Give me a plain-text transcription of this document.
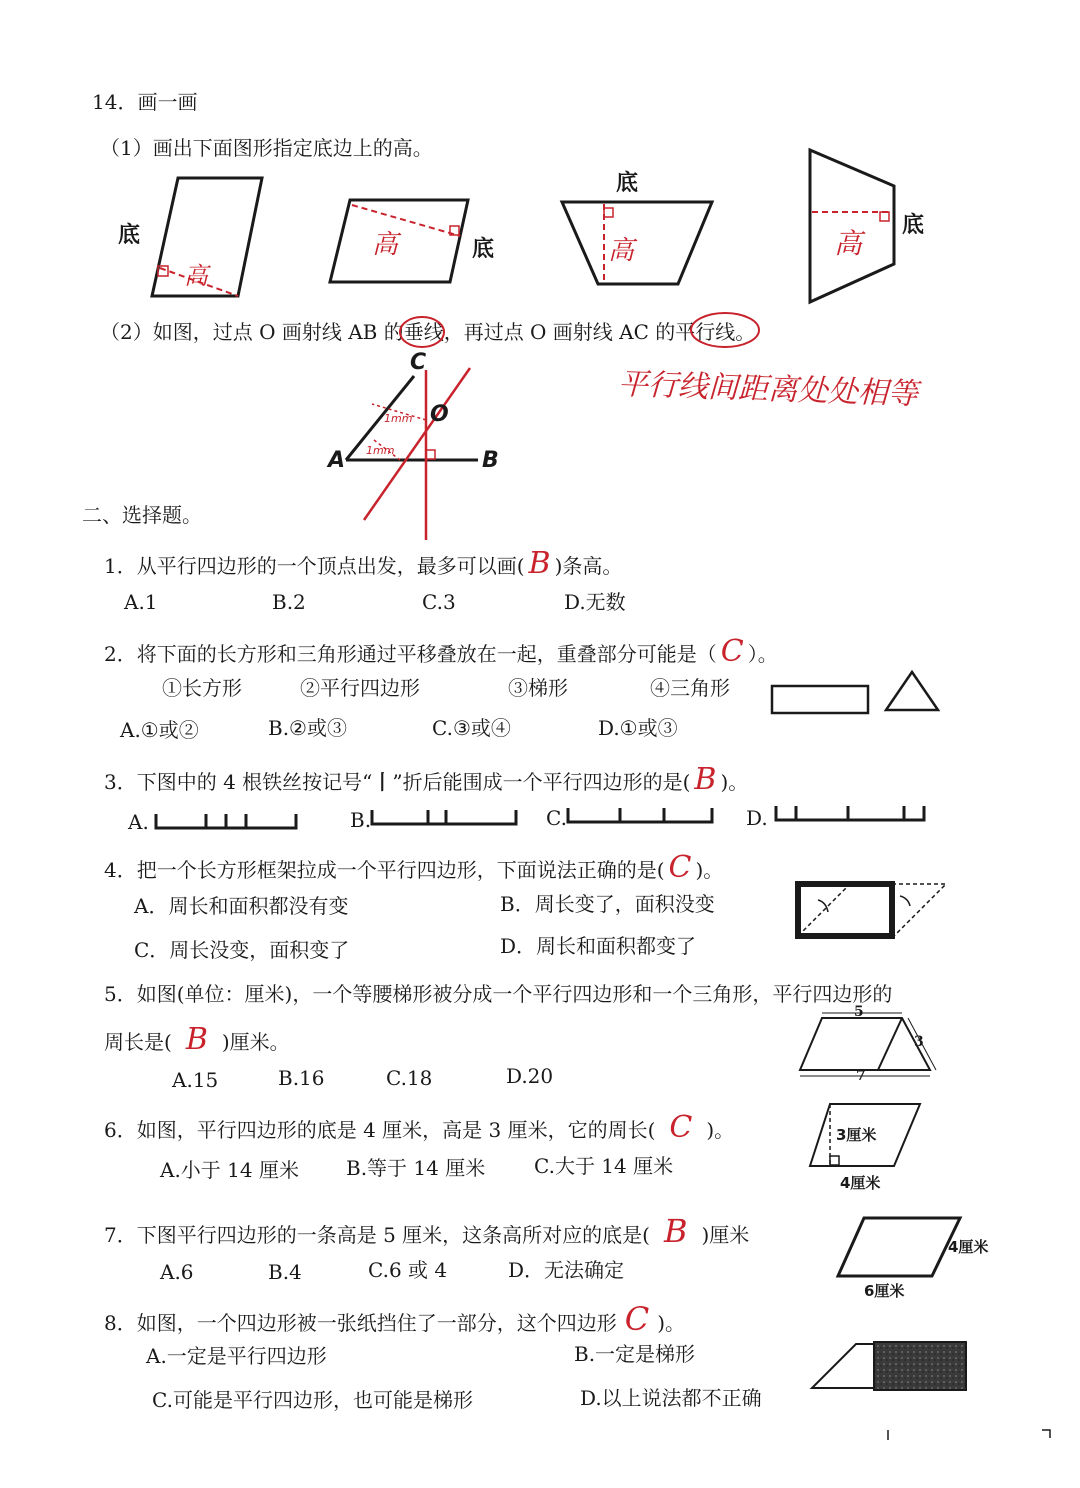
14．画一画
（1）画出下面图形指定底边上的高。
底
高
高	底
底
高	高
底
（2）如图，过点 O 画射线 AB 的垂线，再过点 O 画射线 AC 的平行线。
平行线间距离处处相等
C
O
A	B
1mm
1mm
二、选择题。
1．从平行四边形的一个顶点出发，最多可以画( B )条高。
A.1	B.2	C.3	D.无数
2．将下面的长方形和三角形通过平移叠放在一起，重叠部分可能是（ C ）。
①长方形	②平行四边形	③梯形	④三角形
A.①或②	B.②或③	C.③或④	D.①或③
3．下图中的 4 根铁丝按记号“丨”折后能围成一个平行四边形的是( B )。
A.	B.	C.	D.
4．把一个长方形框架拉成一个平行四边形，下面说法正确的是( C )。
A．周长和面积都没有变	B．周长变了，面积没变
C．周长没变，面积变了	D．周长和面积都变了
5．如图(单位：厘米)，一个等腰梯形被分成一个平行四边形和一个三角形，平行四边形的
周长是( B )厘米。
A.15	B.16	C.18	D.20
5
3
7
6．如图，平行四边形的底是 4 厘米，高是 3 厘米，它的周长( C )。
A.小于 14 厘米 B.等于 14 厘米 C.大于 14 厘米
3厘米
4厘米
7．下图平行四边形的一条高是 5 厘米，这条高所对应的底是( B )厘米
A.6	B.4	C.6 或 4	D．无法确定
4厘米
6厘米
8．如图，一个四边形被一张纸挡住了一部分，这个四边形 C )。
A.一定是平行四边形	B.一定是梯形
C.可能是平行四边形，也可能是梯形	D.以上说法都不正确
